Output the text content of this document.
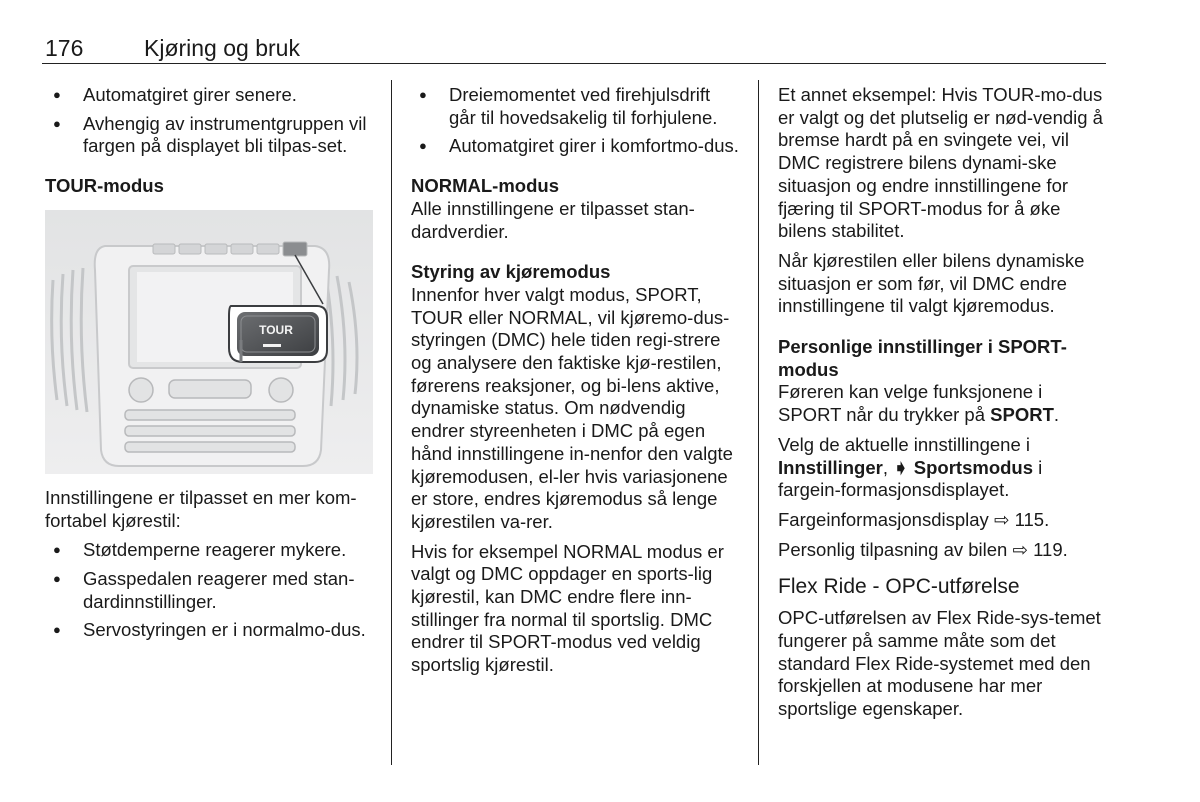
176	Kjøring og bruk
● Automatgiret girer senere.
● Avhengig av instrumentgruppen vil fargen på displayet bli tilpas-set.

TOUR-modus

TOUR

Innstillingene er tilpasset en mer kom-fortabel kjørestil:

● Støtdemperne reagerer mykere.
● Gasspedalen reagerer med stan-dardinnstillinger.
● Servostyringen er i normalmo-dus.
● Dreiemomentet ved firehjulsdrift går til hovedsakelig til forhjulene.
● Automatgiret girer i komfortmo-dus.

NORMAL-modus

Alle innstillingene er tilpasset stan-dardverdier.

Styring av kjøremodus

Innenfor hver valgt modus, SPORT, TOUR eller NORMAL, vil kjøremo-dus-styringen (DMC) hele tiden regi-strere og analysere den faktiske kjø-restilen, førerens reaksjoner, og bi-lens aktive, dynamiske status. Om nødvendig endrer styreenheten i DMC på egen hånd innstillingene in-nenfor den valgte kjøremodusen, el-ler hvis variasjonene er store, endres kjøremodus så lenge kjørestilen va-rer.

Hvis for eksempel NORMAL modus er valgt og DMC oppdager en sports-lig kjørestil, kan DMC endre flere inn-stillinger fra normal til sportslig. DMC endrer til SPORT-modus ved veldig sportslig kjørestil.

Et annet eksempel: Hvis TOUR-mo-dus er valgt og det plutselig er nød-vendig å bremse hardt på en svingete vei, vil DMC registrere bilens dynami-ske situasjon og endre innstillingene for fjæring til SPORT-modus for å øke bilens stabilitet.

Når kjørestilen eller bilens dynamiske situasjon er som før, vil DMC endre innstillingene til valgt kjøremodus.

Personlige innstillinger i SPORT-modus

Føreren kan velge funksjonene i SPORT når du trykker på SPORT.

Velg de aktuelle innstillingene i Innstillinger, ➧ Sportsmodus i fargein-formasjonsdisplayet.

Fargeinformasjonsdisplay ⇨ 115.

Personlig tilpasning av bilen ⇨ 119.

Flex Ride - OPC-utførelse

OPC-utførelsen av Flex Ride-sys-temet fungerer på samme måte som det standard Flex Ride-systemet med den forskjellen at modusene har mer sportslige egenskaper.
